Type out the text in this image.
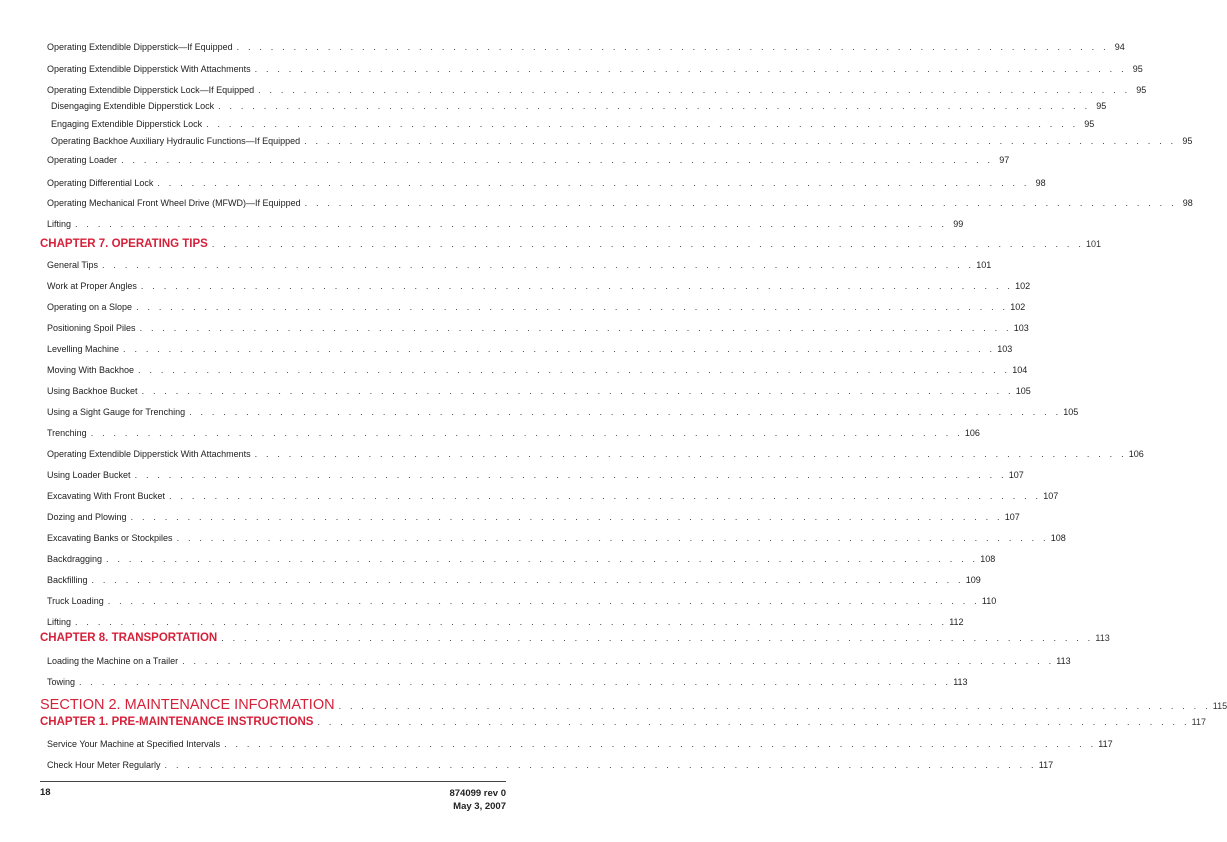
Operating Extendible Dipperstick—If Equipped . . . . . . . . . . . . . . . . . . . . . . . . . . . . . . . . . . . . . . . . . . . . . . . . . . . . . . . . . . . . . . . . . . . . . . . . . . . . . 94
Operating Extendible Dipperstick With Attachments . . . . . . . . . . . . . . . . . . . . . . . . . . . . . . . . . . . . . . . . . . . . . . . . . . . . . . . . . . . . . . . . . . . . . . . . . . . . . 95
Operating Extendible Dipperstick Lock—If Equipped . . . . . . . . . . . . . . . . . . . . . . . . . . . . . . . . . . . . . . . . . . . . . . . . . . . . . . . . . . . . . . . . . . . . . . . . . . . . . 95
Disengaging Extendible Dipperstick Lock . . . . . . . . . . . . . . . . . . . . . . . . . . . . . . . . . . . . . . . . . . . . . . . . . . . . . . . . . . . . . . . . . . . . . . . . . . . . . 95
Engaging Extendible Dipperstick Lock . . . . . . . . . . . . . . . . . . . . . . . . . . . . . . . . . . . . . . . . . . . . . . . . . . . . . . . . . . . . . . . . . . . . . . . . . . . . . 95
Operating Backhoe Auxiliary Hydraulic Functions—If Equipped . . . . . . . . . . . . . . . . . . . . . . . . . . . . . . . . . . . . . . . . . . . . . . . . . . . . . . . . . . . . . . . . . . . . . . . . . . . . . 95
Operating Loader . . . . . . . . . . . . . . . . . . . . . . . . . . . . . . . . . . . . . . . . . . . . . . . . . . . . . . . . . . . . . . . . . . . . . . . . . . . . . 97
Operating Differential Lock . . . . . . . . . . . . . . . . . . . . . . . . . . . . . . . . . . . . . . . . . . . . . . . . . . . . . . . . . . . . . . . . . . . . . . . . . . . . . 98
Operating Mechanical Front Wheel Drive (MFWD)—If Equipped . . . . . . . . . . . . . . . . . . . . . . . . . . . . . . . . . . . . . . . . . . . . . . . . . . . . . . . . . . . . . . . . . . . . . . . . . . . . . 98
Lifting . . . . . . . . . . . . . . . . . . . . . . . . . . . . . . . . . . . . . . . . . . . . . . . . . . . . . . . . . . . . . . . . . . . . . . . . . . . . . 99
CHAPTER 7. OPERATING TIPS . . . . . . . . . . . . . . . . . . . . . . . . . . . . . . . . . . . . . . . . . . . . . . . . . . . . . . . . . . . . . . . . . . . . . . . . . . . . . 101
General Tips . . . . . . . . . . . . . . . . . . . . . . . . . . . . . . . . . . . . . . . . . . . . . . . . . . . . . . . . . . . . . . . . . . . . . . . . . . . . . 101
Work at Proper Angles . . . . . . . . . . . . . . . . . . . . . . . . . . . . . . . . . . . . . . . . . . . . . . . . . . . . . . . . . . . . . . . . . . . . . . . . . . . . . 102
Operating on a Slope . . . . . . . . . . . . . . . . . . . . . . . . . . . . . . . . . . . . . . . . . . . . . . . . . . . . . . . . . . . . . . . . . . . . . . . . . . . . . 102
Positioning Spoil Piles . . . . . . . . . . . . . . . . . . . . . . . . . . . . . . . . . . . . . . . . . . . . . . . . . . . . . . . . . . . . . . . . . . . . . . . . . . . . . 103
Levelling Machine . . . . . . . . . . . . . . . . . . . . . . . . . . . . . . . . . . . . . . . . . . . . . . . . . . . . . . . . . . . . . . . . . . . . . . . . . . . . . 103
Moving With Backhoe . . . . . . . . . . . . . . . . . . . . . . . . . . . . . . . . . . . . . . . . . . . . . . . . . . . . . . . . . . . . . . . . . . . . . . . . . . . . . 104
Using Backhoe Bucket . . . . . . . . . . . . . . . . . . . . . . . . . . . . . . . . . . . . . . . . . . . . . . . . . . . . . . . . . . . . . . . . . . . . . . . . . . . . . 105
Using a Sight Gauge for Trenching . . . . . . . . . . . . . . . . . . . . . . . . . . . . . . . . . . . . . . . . . . . . . . . . . . . . . . . . . . . . . . . . . . . . . . . . . . . . . 105
Trenching . . . . . . . . . . . . . . . . . . . . . . . . . . . . . . . . . . . . . . . . . . . . . . . . . . . . . . . . . . . . . . . . . . . . . . . . . . . . . 106
Operating Extendible Dipperstick With Attachments . . . . . . . . . . . . . . . . . . . . . . . . . . . . . . . . . . . . . . . . . . . . . . . . . . . . . . . . . . . . . . . . . . . . . . . . . . . . . 106
Using Loader Bucket . . . . . . . . . . . . . . . . . . . . . . . . . . . . . . . . . . . . . . . . . . . . . . . . . . . . . . . . . . . . . . . . . . . . . . . . . . . . . 107
Excavating With Front Bucket . . . . . . . . . . . . . . . . . . . . . . . . . . . . . . . . . . . . . . . . . . . . . . . . . . . . . . . . . . . . . . . . . . . . . . . . . . . . . 107
Dozing and Plowing . . . . . . . . . . . . . . . . . . . . . . . . . . . . . . . . . . . . . . . . . . . . . . . . . . . . . . . . . . . . . . . . . . . . . . . . . . . . . 107
Excavating Banks or Stockpiles . . . . . . . . . . . . . . . . . . . . . . . . . . . . . . . . . . . . . . . . . . . . . . . . . . . . . . . . . . . . . . . . . . . . . . . . . . . . . 108
Backdragging . . . . . . . . . . . . . . . . . . . . . . . . . . . . . . . . . . . . . . . . . . . . . . . . . . . . . . . . . . . . . . . . . . . . . . . . . . . . . 108
Backfilling . . . . . . . . . . . . . . . . . . . . . . . . . . . . . . . . . . . . . . . . . . . . . . . . . . . . . . . . . . . . . . . . . . . . . . . . . . . . . 109
Truck Loading . . . . . . . . . . . . . . . . . . . . . . . . . . . . . . . . . . . . . . . . . . . . . . . . . . . . . . . . . . . . . . . . . . . . . . . . . . . . . 110
Lifting . . . . . . . . . . . . . . . . . . . . . . . . . . . . . . . . . . . . . . . . . . . . . . . . . . . . . . . . . . . . . . . . . . . . . . . . . . . . . 112
CHAPTER 8. TRANSPORTATION . . . . . . . . . . . . . . . . . . . . . . . . . . . . . . . . . . . . . . . . . . . . . . . . . . . . . . . . . . . . . . . . . . . . . . . . . . . . . 113
Loading the Machine on a Trailer . . . . . . . . . . . . . . . . . . . . . . . . . . . . . . . . . . . . . . . . . . . . . . . . . . . . . . . . . . . . . . . . . . . . . . . . . . . . . 113
Towing . . . . . . . . . . . . . . . . . . . . . . . . . . . . . . . . . . . . . . . . . . . . . . . . . . . . . . . . . . . . . . . . . . . . . . . . . . . . . 113
SECTION 2. MAINTENANCE INFORMATION . . . . . . . . . . . . . . . . . . . . . . . . . . . . . . . . . . . . . . . . . . . . . . . . . . . . . . . . . . . . . . . . . . . . . . . . . . . . . 115
CHAPTER 1. PRE-MAINTENANCE INSTRUCTIONS . . . . . . . . . . . . . . . . . . . . . . . . . . . . . . . . . . . . . . . . . . . . . . . . . . . . . . . . . . . . . . . . . . . . . . . . . . . . . 117
Service Your Machine at Specified Intervals . . . . . . . . . . . . . . . . . . . . . . . . . . . . . . . . . . . . . . . . . . . . . . . . . . . . . . . . . . . . . . . . . . . . . . . . . . . . . 117
Check Hour Meter Regularly . . . . . . . . . . . . . . . . . . . . . . . . . . . . . . . . . . . . . . . . . . . . . . . . . . . . . . . . . . . . . . . . . . . . . . . . . . . . . 117
18	874099 rev 0
May 3, 2007
